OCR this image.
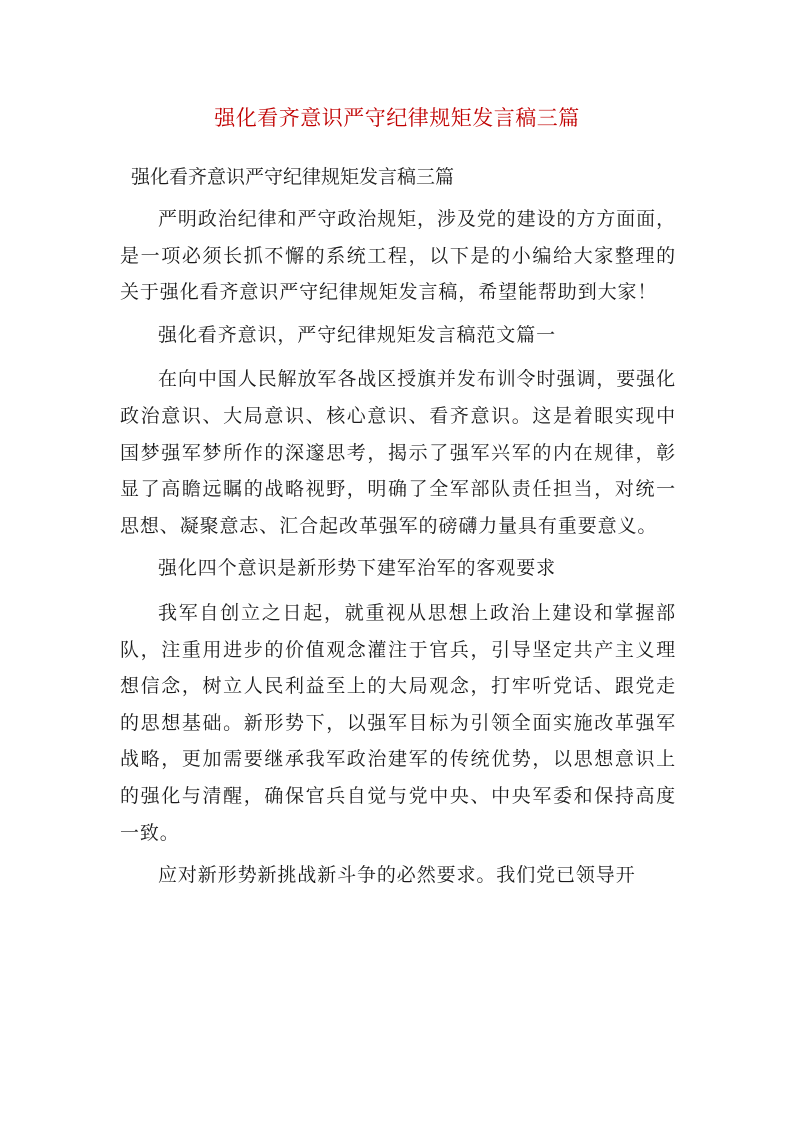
强化看齐意识严守纪律规矩发言稿三篇

强化看齐意识严守纪律规矩发言稿三篇

严明政治纪律和严守政治规矩，涉及党的建设的方方面面，是一项必须长抓不懈的系统工程，以下是的小编给大家整理的关于强化看齐意识严守纪律规矩发言稿，希望能帮助到大家！

强化看齐意识，严守纪律规矩发言稿范文篇一

在向中国人民解放军各战区授旗并发布训令时强调，要强化政治意识、大局意识、核心意识、看齐意识。这是着眼实现中国梦强军梦所作的深邃思考，揭示了强军兴军的内在规律，彰显了高瞻远瞩的战略视野，明确了全军部队责任担当，对统一思想、凝聚意志、汇合起改革强军的磅礴力量具有重要意义。

强化四个意识是新形势下建军治军的客观要求

我军自创立之日起，就重视从思想上政治上建设和掌握部队，注重用进步的价值观念灌注于官兵，引导坚定共产主义理想信念，树立人民利益至上的大局观念，打牢听党话、跟党走的思想基础。新形势下，以强军目标为引领全面实施改革强军战略，更加需要继承我军政治建军的传统优势，以思想意识上的强化与清醒，确保官兵自觉与党中央、中央军委和保持高度一致。

应对新形势新挑战新斗争的必然要求。我们党已领导开
